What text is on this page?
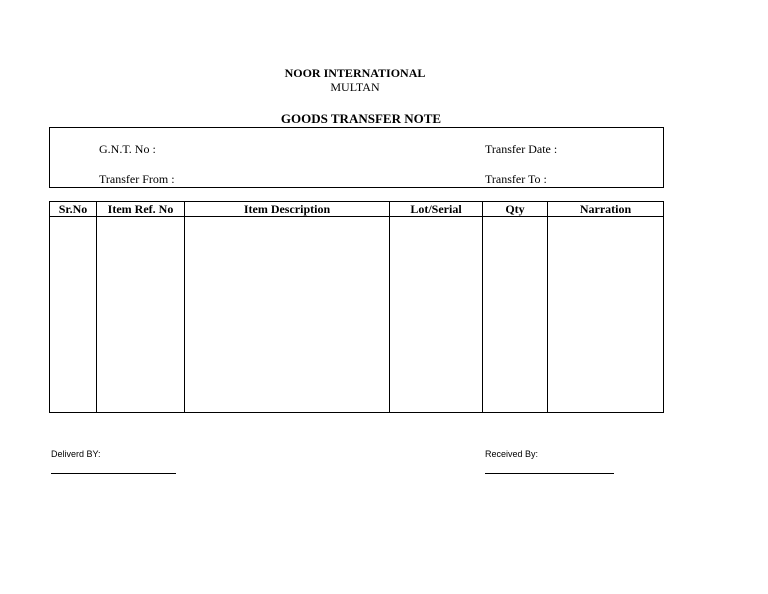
NOOR INTERNATIONAL
MULTAN
GOODS TRANSFER NOTE
G.N.T. No :	Transfer Date :
Transfer From :	Transfer To :
Sr.No	Item Ref. No	Item Description	Lot/Serial	Qty	Narration

Deliverd BY:	Received By:
